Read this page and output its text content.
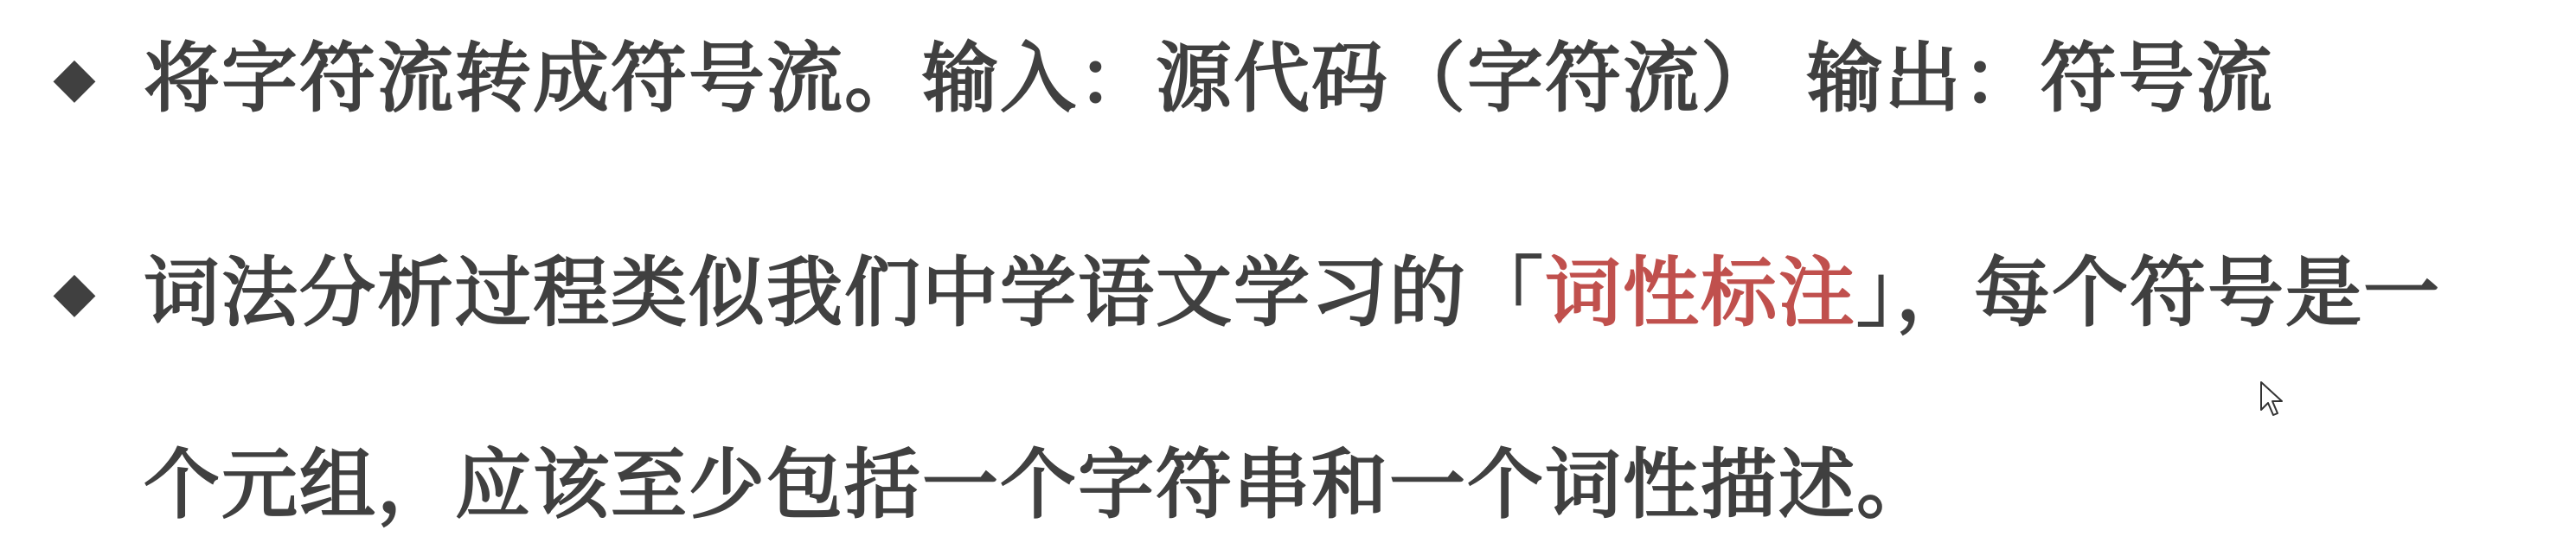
◆ 将字符流转成符号流。输入：源代码（字符流） 输出：符号流
◆ 词法分析过程类似我们中学语文学习的「词性标注」，每个符号是一
个元组，应该至少包括一个字符串和一个词性描述。
